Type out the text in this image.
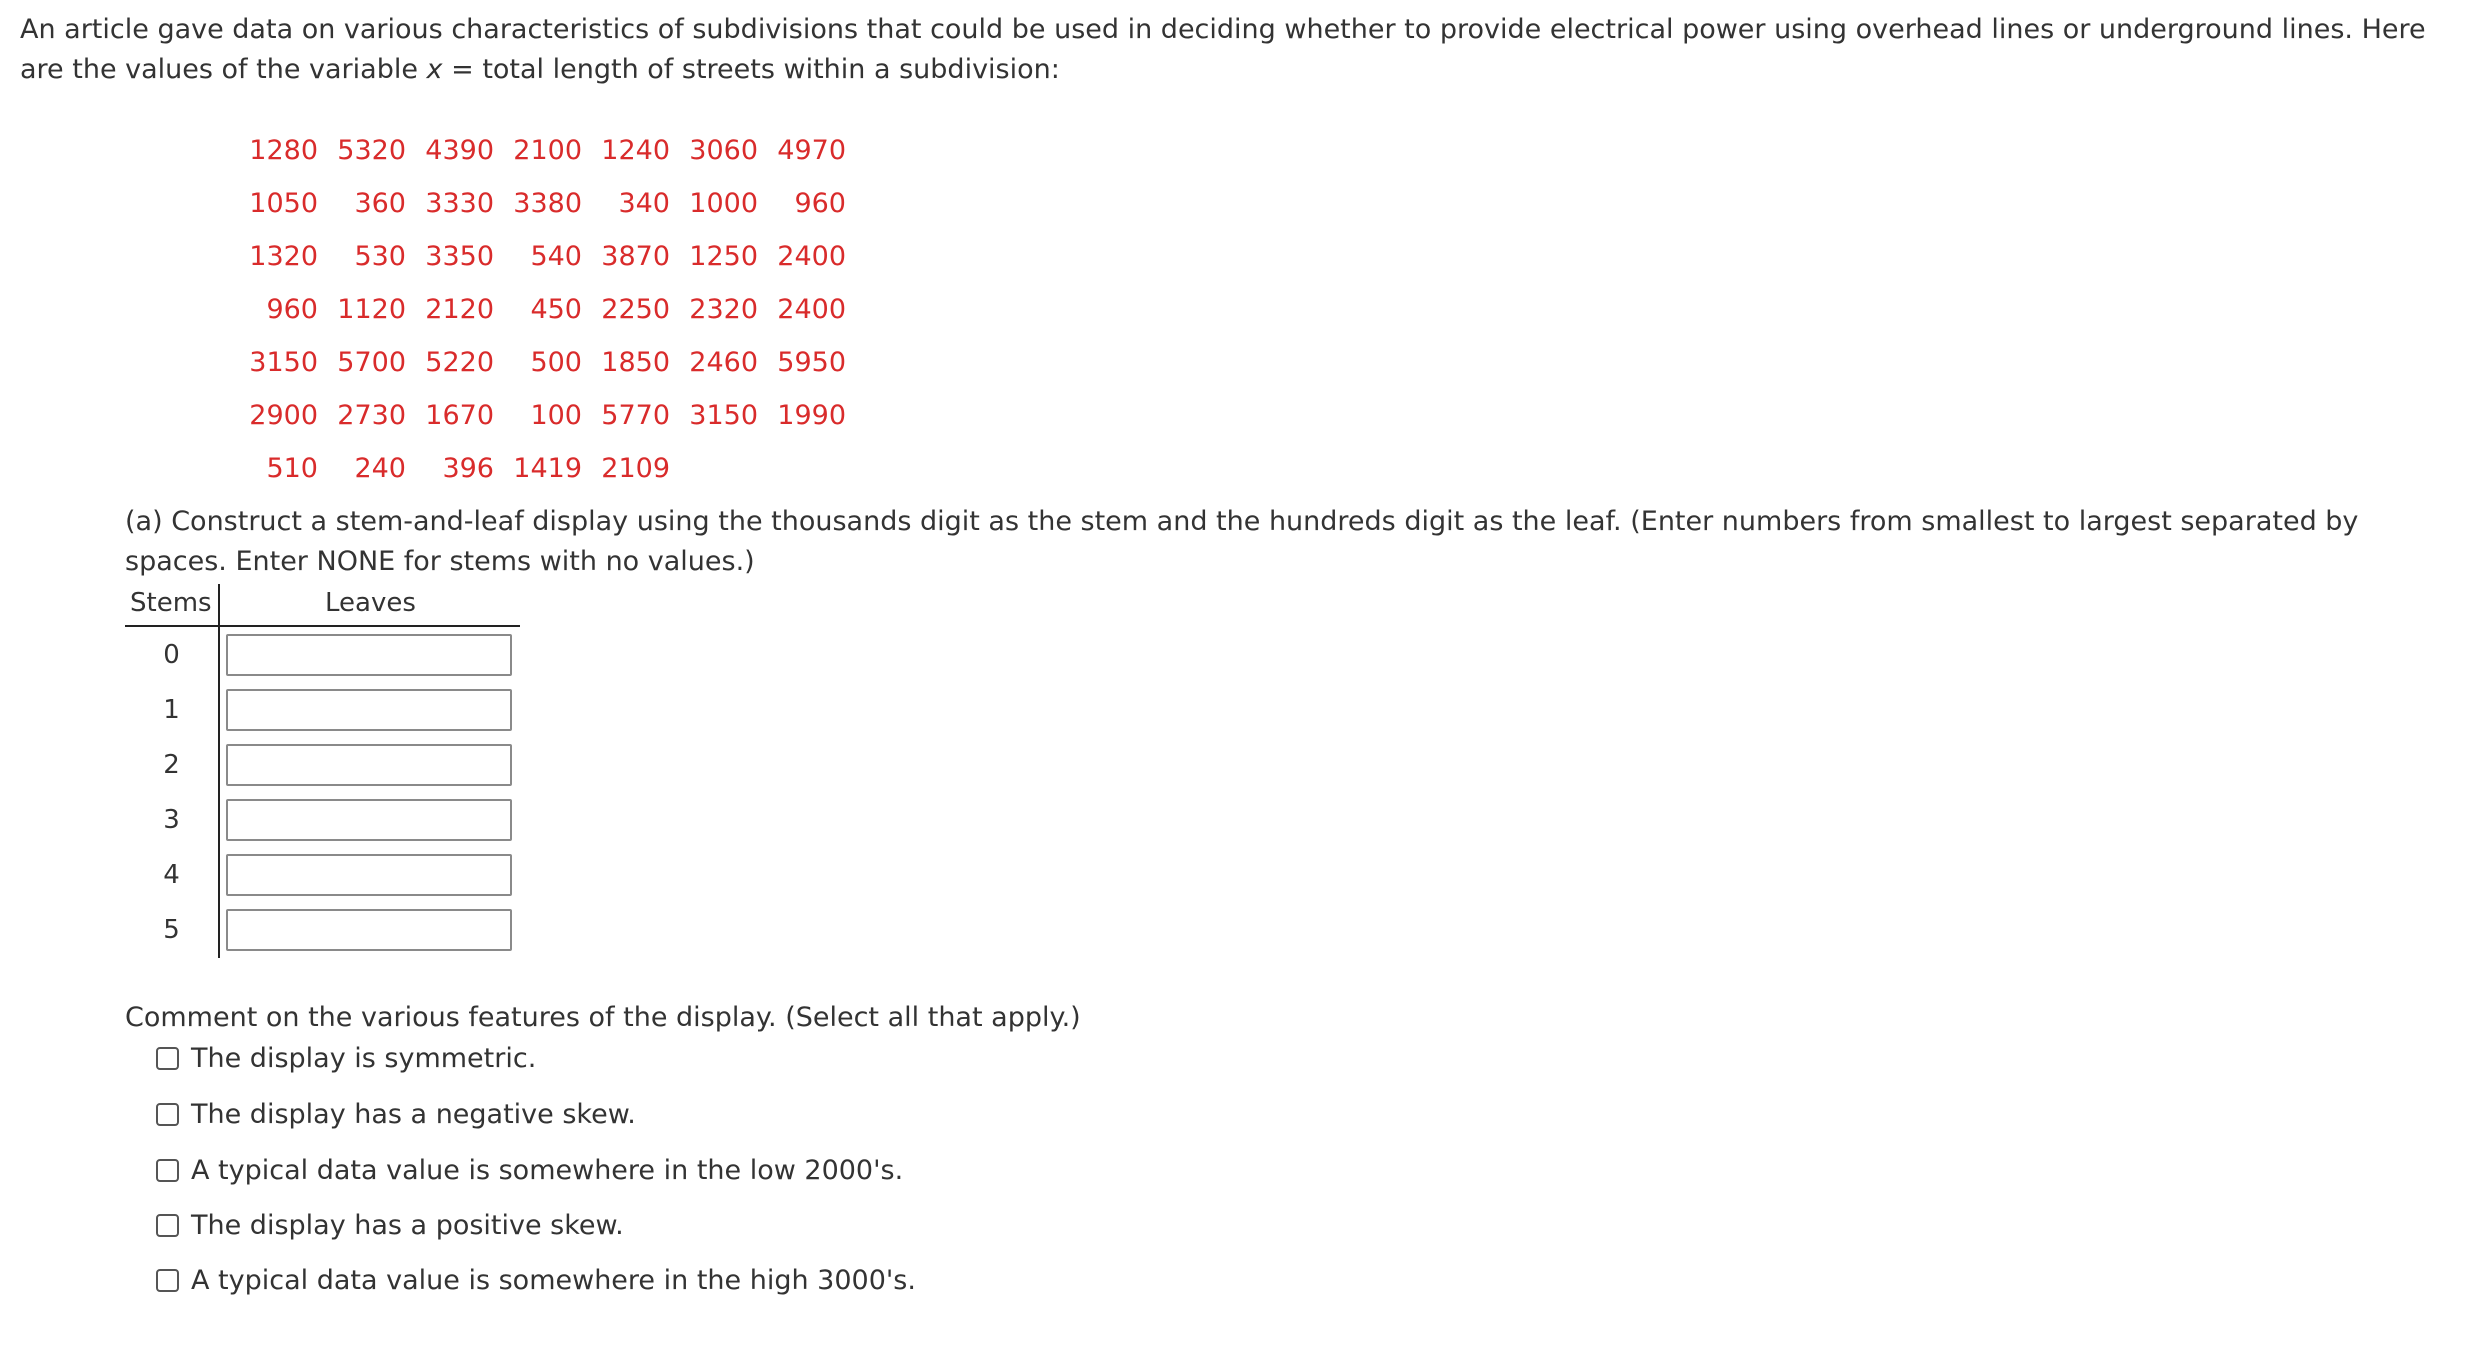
An article gave data on various characteristics of subdivisions that could be used in deciding whether to provide electrical power using overhead lines or underground lines. Here are the values of the variable x = total length of streets within a subdivision:
1280	5320	4390	2100	1240	3060	4970
1050	360	3330	3380	340	1000	960
1320	530	3350	540	3870	1250	2400
960	1120	2120	450	2250	2320	2400
3150	5700	5220	500	1850	2460	5950
2900	2730	1670	100	5770	3150	1990
510	240	396	1419	2109		
(a) Construct a stem-and-leaf display using the thousands digit as the stem and the hundreds digit as the leaf. (Enter numbers from smallest to largest separated by spaces. Enter NONE for stems with no values.)
Stems	Leaves
0
1
2
3
4
5
Comment on the various features of the display. (Select all that apply.)
The display is symmetric.
The display has a negative skew.
A typical data value is somewhere in the low 2000's.
The display has a positive skew.
A typical data value is somewhere in the high 3000's.
